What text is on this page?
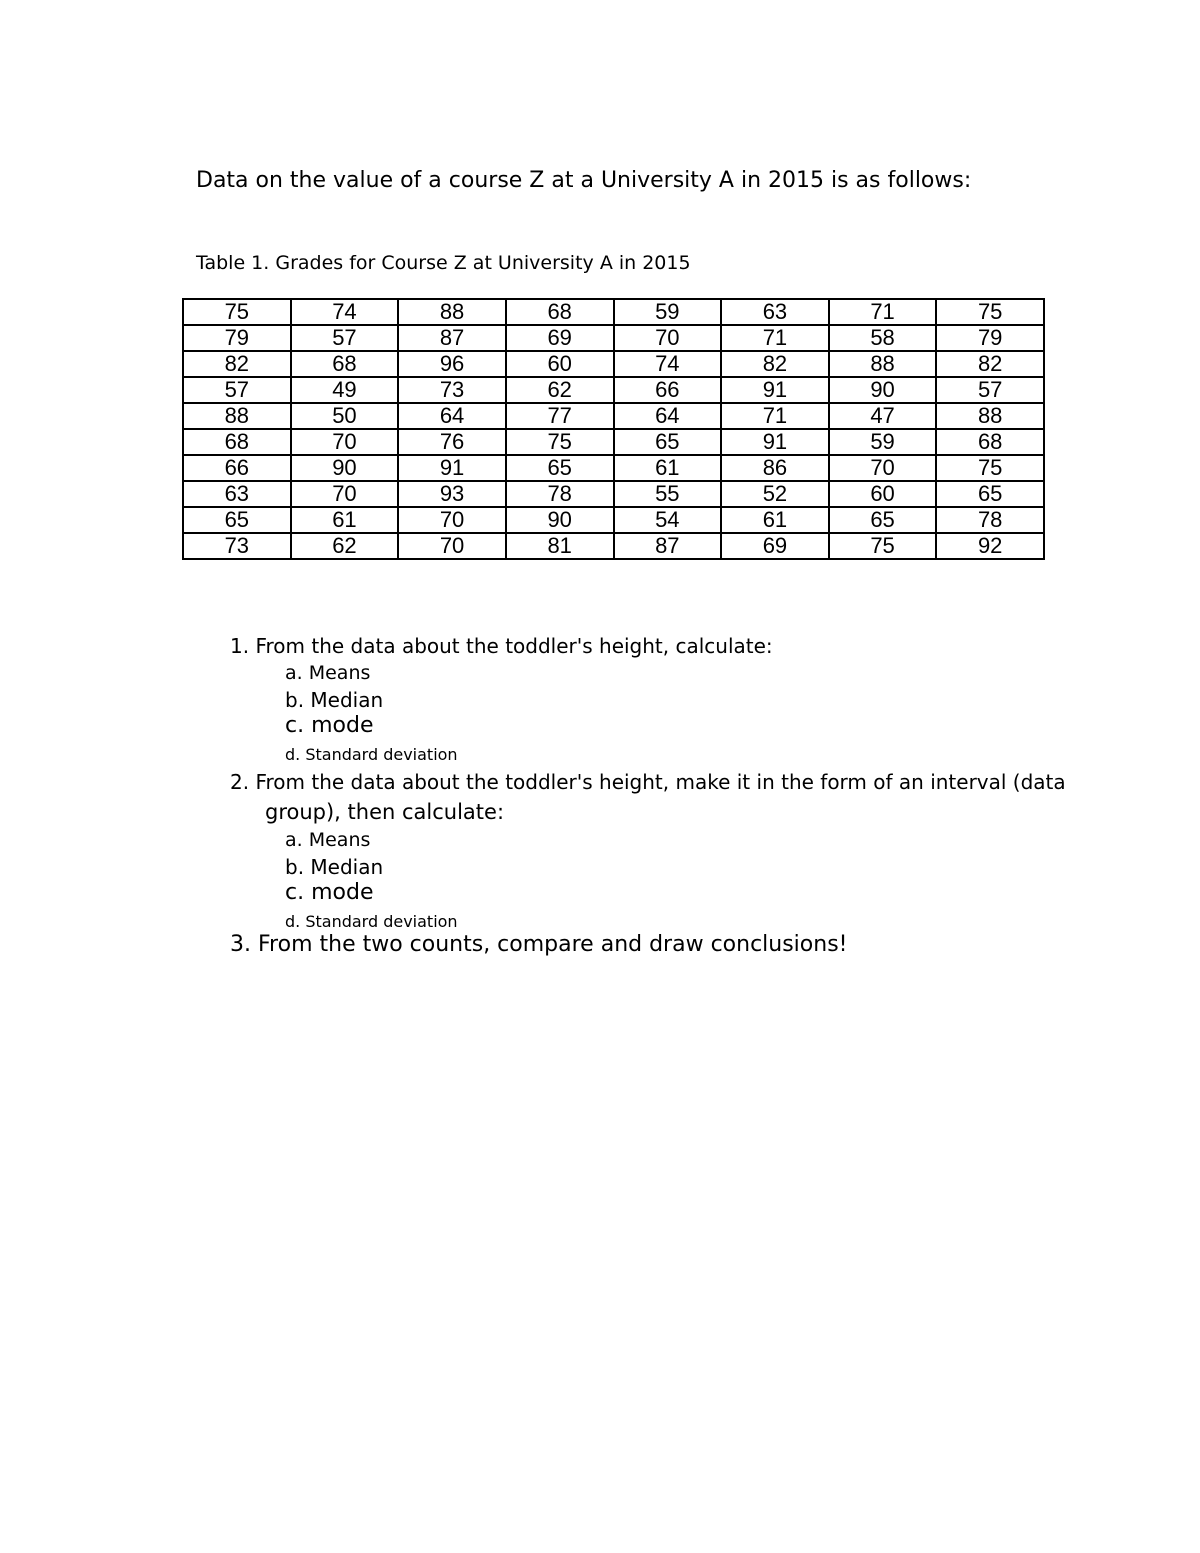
Data on the value of a course Z at a University A in 2015 is as follows:
Table 1. Grades for Course Z at University A in 2015
75	74	88	68	59	63	71	75
79	57	87	69	70	71	58	79
82	68	96	60	74	82	88	82
57	49	73	62	66	91	90	57
88	50	64	77	64	71	47	88
68	70	76	75	65	91	59	68
66	90	91	65	61	86	70	75
63	70	93	78	55	52	60	65
65	61	70	90	54	61	65	78
73	62	70	81	87	69	75	92
1. From the data about the toddler's height, calculate:
a. Means
b. Median
c. mode
d. Standard deviation
2. From the data about the toddler's height, make it in the form of an interval (data
group), then calculate:
a. Means
b. Median
c. mode
d. Standard deviation
3. From the two counts, compare and draw conclusions!
